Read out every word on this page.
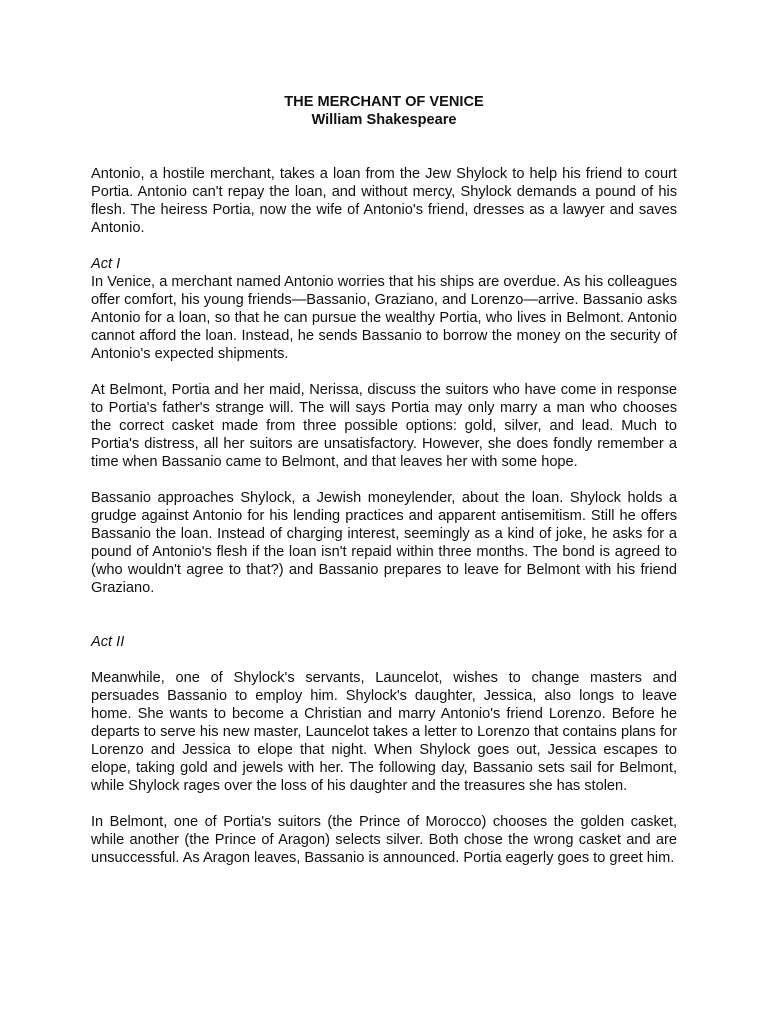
THE MERCHANT OF VENICE

William Shakespeare

Antonio, a hostile merchant, takes a loan from the Jew Shylock to help his friend to court Portia. Antonio can't repay the loan, and without mercy, Shylock demands a pound of his flesh. The heiress Portia, now the wife of Antonio's friend, dresses as a lawyer and saves Antonio.

Act I

In Venice, a merchant named Antonio worries that his ships are overdue. As his colleagues offer comfort, his young friends—Bassanio, Graziano, and Lorenzo—arrive. Bassanio asks Antonio for a loan, so that he can pursue the wealthy Portia, who lives in Belmont. Antonio cannot afford the loan. Instead, he sends Bassanio to borrow the money on the security of Antonio's expected shipments.

At Belmont, Portia and her maid, Nerissa, discuss the suitors who have come in response to Portia's father's strange will. The will says Portia may only marry a man who chooses the correct casket made from three possible options: gold, silver, and lead. Much to Portia's distress, all her suitors are unsatisfactory. However, she does fondly remember a time when Bassanio came to Belmont, and that leaves her with some hope.

Bassanio approaches Shylock, a Jewish moneylender, about the loan. Shylock holds a grudge against Antonio for his lending practices and apparent antisemitism. Still he offers Bassanio the loan. Instead of charging interest, seemingly as a kind of joke, he asks for a pound of Antonio's flesh if the loan isn't repaid within three months. The bond is agreed to (who wouldn't agree to that?) and Bassanio prepares to leave for Belmont with his friend Graziano.

Act II

Meanwhile, one of Shylock's servants, Launcelot, wishes to change masters and persuades Bassanio to employ him. Shylock's daughter, Jessica, also longs to leave home. She wants to become a Christian and marry Antonio's friend Lorenzo. Before he departs to serve his new master, Launcelot takes a letter to Lorenzo that contains plans for Lorenzo and Jessica to elope that night. When Shylock goes out, Jessica escapes to elope, taking gold and jewels with her. The following day, Bassanio sets sail for Belmont, while Shylock rages over the loss of his daughter and the treasures she has stolen.

In Belmont, one of Portia's suitors (the Prince of Morocco) chooses the golden casket, while another (the Prince of Aragon) selects silver. Both chose the wrong casket and are unsuccessful. As Aragon leaves, Bassanio is announced. Portia eagerly goes to greet him.
